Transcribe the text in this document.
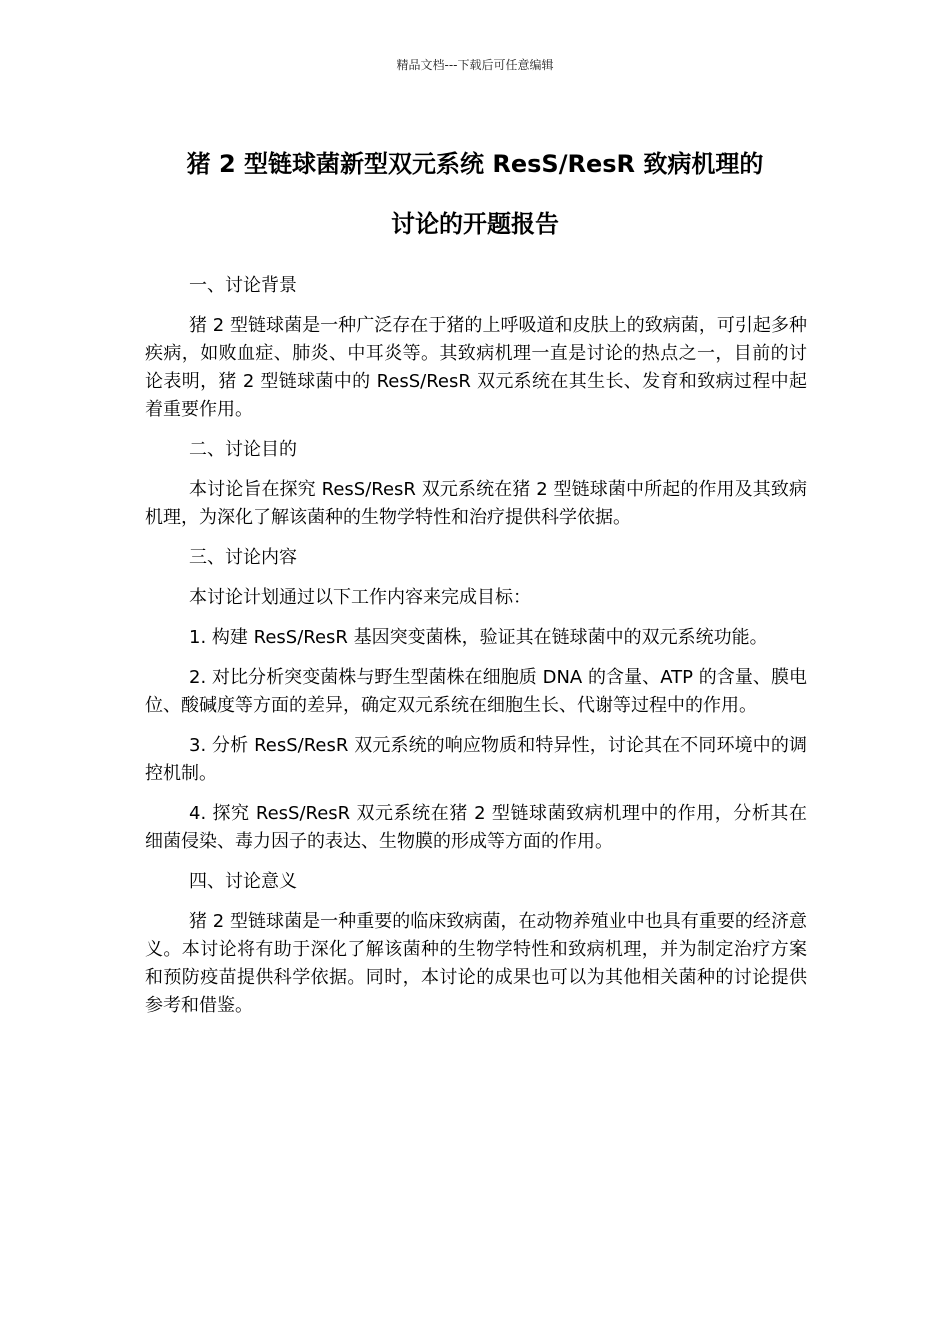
精品文档---下载后可任意编辑
猪 2 型链球菌新型双元系统 ResS/ResR 致病机理的
讨论的开题报告

一、讨论背景

猪 2 型链球菌是一种广泛存在于猪的上呼吸道和皮肤上的致病菌，可引起多种疾病，如败血症、肺炎、中耳炎等。其致病机理一直是讨论的热点之一，目前的讨论表明，猪 2 型链球菌中的 ResS/ResR 双元系统在其生长、发育和致病过程中起着重要作用。

二、讨论目的

本讨论旨在探究 ResS/ResR 双元系统在猪 2 型链球菌中所起的作用及其致病机理，为深化了解该菌种的生物学特性和治疗提供科学依据。

三、讨论内容

本讨论计划通过以下工作内容来完成目标：

1. 构建 ResS/ResR 基因突变菌株，验证其在链球菌中的双元系统功能。

2. 对比分析突变菌株与野生型菌株在细胞质 DNA 的含量、ATP 的含量、膜电位、酸碱度等方面的差异，确定双元系统在细胞生长、代谢等过程中的作用。

3. 分析 ResS/ResR 双元系统的响应物质和特异性，讨论其在不同环境中的调控机制。

4. 探究 ResS/ResR 双元系统在猪 2 型链球菌致病机理中的作用，分析其在细菌侵染、毒力因子的表达、生物膜的形成等方面的作用。

四、讨论意义

猪 2 型链球菌是一种重要的临床致病菌，在动物养殖业中也具有重要的经济意义。本讨论将有助于深化了解该菌种的生物学特性和致病机理，并为制定治疗方案和预防疫苗提供科学依据。同时，本讨论的成果也可以为其他相关菌种的讨论提供参考和借鉴。
